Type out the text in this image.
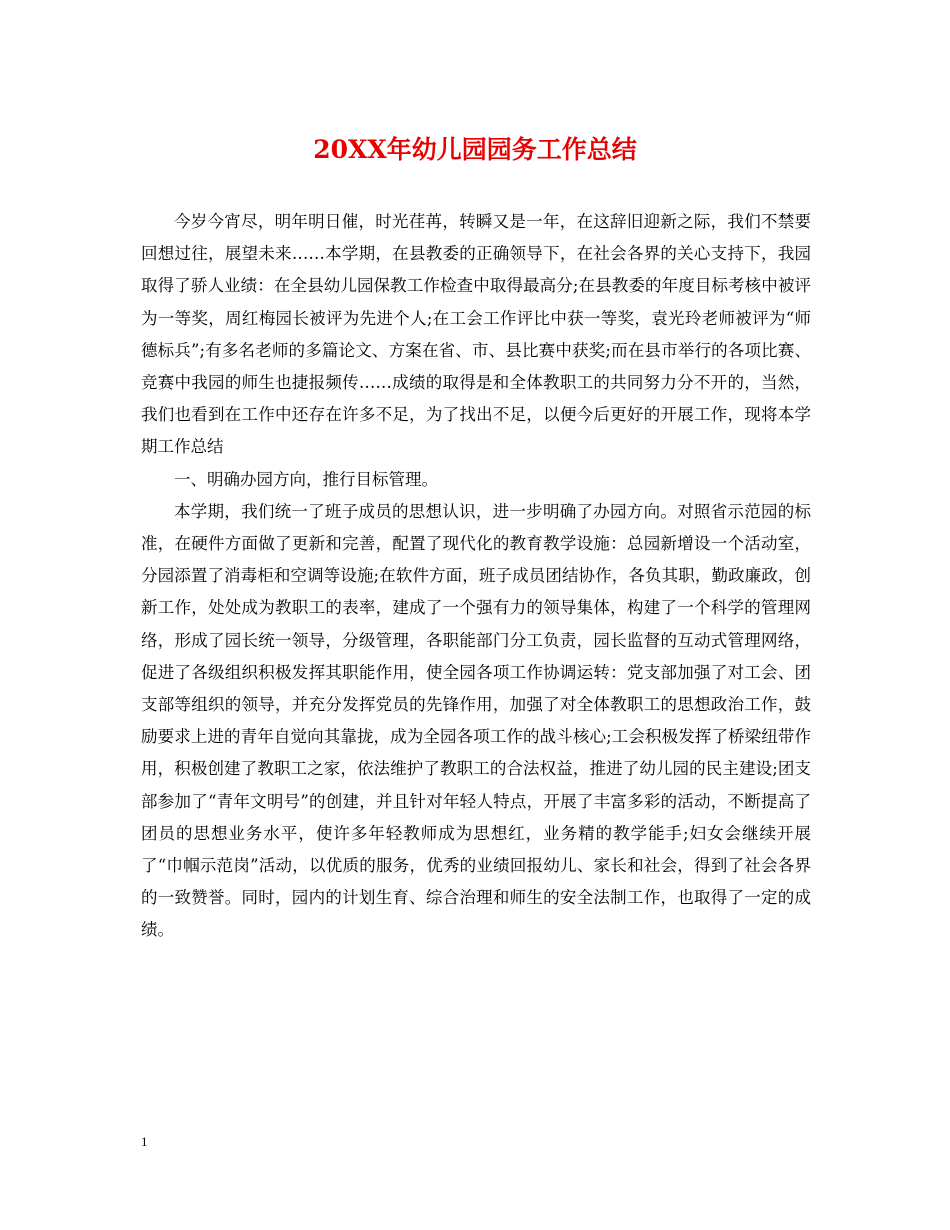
20XX年幼儿园园务工作总结

今岁今宵尽，明年明日催，时光荏苒，转瞬又是一年，在这辞旧迎新之际，我们不禁要回想过往，展望未来……本学期，在县教委的正确领导下，在社会各界的关心支持下，我园取得了骄人业绩：在全县幼儿园保教工作检查中取得最高分;在县教委的年度目标考核中被评为一等奖，周红梅园长被评为先进个人;在工会工作评比中获一等奖，袁光玲老师被评为“师德标兵”;有多名老师的多篇论文、方案在省、市、县比赛中获奖;而在县市举行的各项比赛、竞赛中我园的师生也捷报频传……成绩的取得是和全体教职工的共同努力分不开的，当然，我们也看到在工作中还存在许多不足，为了找出不足，以便今后更好的开展工作，现将本学期工作总结

一、明确办园方向，推行目标管理。

本学期，我们统一了班子成员的思想认识，进一步明确了办园方向。对照省示范园的标准，在硬件方面做了更新和完善，配置了现代化的教育教学设施：总园新增设一个活动室，分园添置了消毒柜和空调等设施;在软件方面，班子成员团结协作，各负其职，勤政廉政，创新工作，处处成为教职工的表率，建成了一个强有力的领导集体，构建了一个科学的管理网络，形成了园长统一领导，分级管理，各职能部门分工负责，园长监督的互动式管理网络，促进了各级组织积极发挥其职能作用，使全园各项工作协调运转：党支部加强了对工会、团支部等组织的领导，并充分发挥党员的先锋作用，加强了对全体教职工的思想政治工作，鼓励要求上进的青年自觉向其靠拢，成为全园各项工作的战斗核心;工会积极发挥了桥梁纽带作用，积极创建了教职工之家，依法维护了教职工的合法权益，推进了幼儿园的民主建设;团支部参加了“青年文明号”的创建，并且针对年轻人特点，开展了丰富多彩的活动，不断提高了团员的思想业务水平，使许多年轻教师成为思想红，业务精的教学能手;妇女会继续开展了“巾帼示范岗”活动，以优质的服务，优秀的业绩回报幼儿、家长和社会，得到了社会各界的一致赞誉。同时，园内的计划生育、综合治理和师生的安全法制工作，也取得了一定的成绩。

1
